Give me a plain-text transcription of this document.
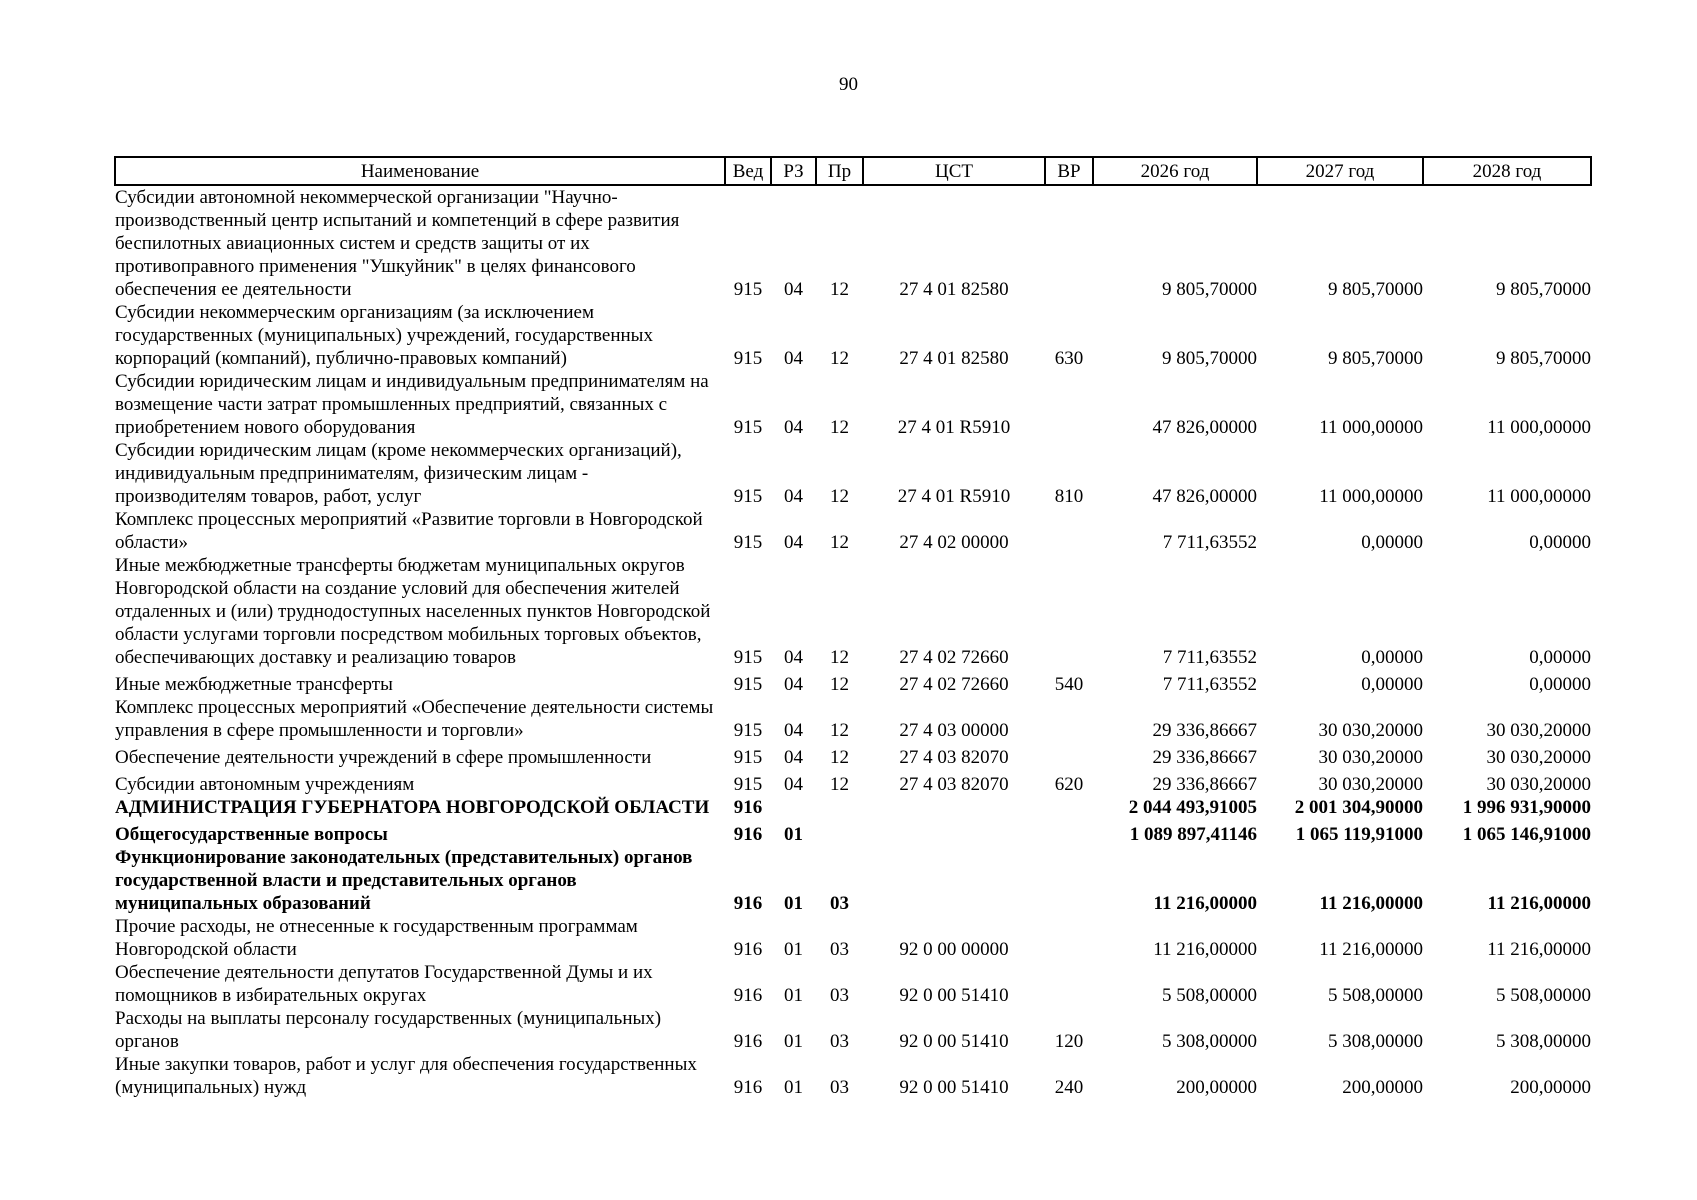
90
Наименование	Вед	РЗ	Пр	ЦСТ	ВР	2026 год	2027 год	2028 год
Субсидии автономной некоммерческой организации "Научно-производственный центр испытаний и компетенций в сфере развития беспилотных авиационных систем и средств защиты от их противоправного применения "Ушкуйник" в целях финансового обеспечения ее деятельности	915	04	12	27 4 01 82580		9 805,70000	9 805,70000	9 805,70000
Субсидии некоммерческим организациям (за исключением государственных (муниципальных) учреждений, государственных корпораций (компаний), публично-правовых компаний)	915	04	12	27 4 01 82580	630	9 805,70000	9 805,70000	9 805,70000
Субсидии юридическим лицам и индивидуальным предпринимателям на возмещение части затрат промышленных предприятий, связанных с приобретением нового оборудования	915	04	12	27 4 01 R5910		47 826,00000	11 000,00000	11 000,00000
Субсидии юридическим лицам (кроме некоммерческих организаций), индивидуальным предпринимателям, физическим лицам - производителям товаров, работ, услуг	915	04	12	27 4 01 R5910	810	47 826,00000	11 000,00000	11 000,00000
Комплекс процессных мероприятий «Развитие торговли в Новгородской области»	915	04	12	27 4 02 00000		7 711,63552	0,00000	0,00000
Иные межбюджетные трансферты бюджетам муниципальных округов Новгородской области на создание условий для обеспечения жителей отдаленных и (или) труднодоступных населенных пунктов Новгородской области услугами торговли посредством мобильных торговых объектов, обеспечивающих доставку и реализацию товаров	915	04	12	27 4 02 72660		7 711,63552	0,00000	0,00000
Иные межбюджетные трансферты	915	04	12	27 4 02 72660	540	7 711,63552	0,00000	0,00000
Комплекс процессных мероприятий «Обеспечение деятельности системы управления в сфере промышленности и торговли»	915	04	12	27 4 03 00000		29 336,86667	30 030,20000	30 030,20000
Обеспечение деятельности учреждений в сфере промышленности	915	04	12	27 4 03 82070		29 336,86667	30 030,20000	30 030,20000
Субсидии автономным учреждениям	915	04	12	27 4 03 82070	620	29 336,86667	30 030,20000	30 030,20000
АДМИНИСТРАЦИЯ ГУБЕРНАТОРА НОВГОРОДСКОЙ ОБЛАСТИ	916					2 044 493,91005	2 001 304,90000	1 996 931,90000
Общегосударственные вопросы	916	01				1 089 897,41146	1 065 119,91000	1 065 146,91000
Функционирование законодательных (представительных) органов государственной власти и представительных органов муниципальных образований	916	01	03			11 216,00000	11 216,00000	11 216,00000
Прочие расходы, не отнесенные к государственным программам Новгородской области	916	01	03	92 0 00 00000		11 216,00000	11 216,00000	11 216,00000
Обеспечение деятельности депутатов Государственной Думы и их помощников в избирательных округах	916	01	03	92 0 00 51410		5 508,00000	5 508,00000	5 508,00000
Расходы на выплаты персоналу государственных (муниципальных) органов	916	01	03	92 0 00 51410	120	5 308,00000	5 308,00000	5 308,00000
Иные закупки товаров, работ и услуг для обеспечения государственных (муниципальных) нужд	916	01	03	92 0 00 51410	240	200,00000	200,00000	200,00000
